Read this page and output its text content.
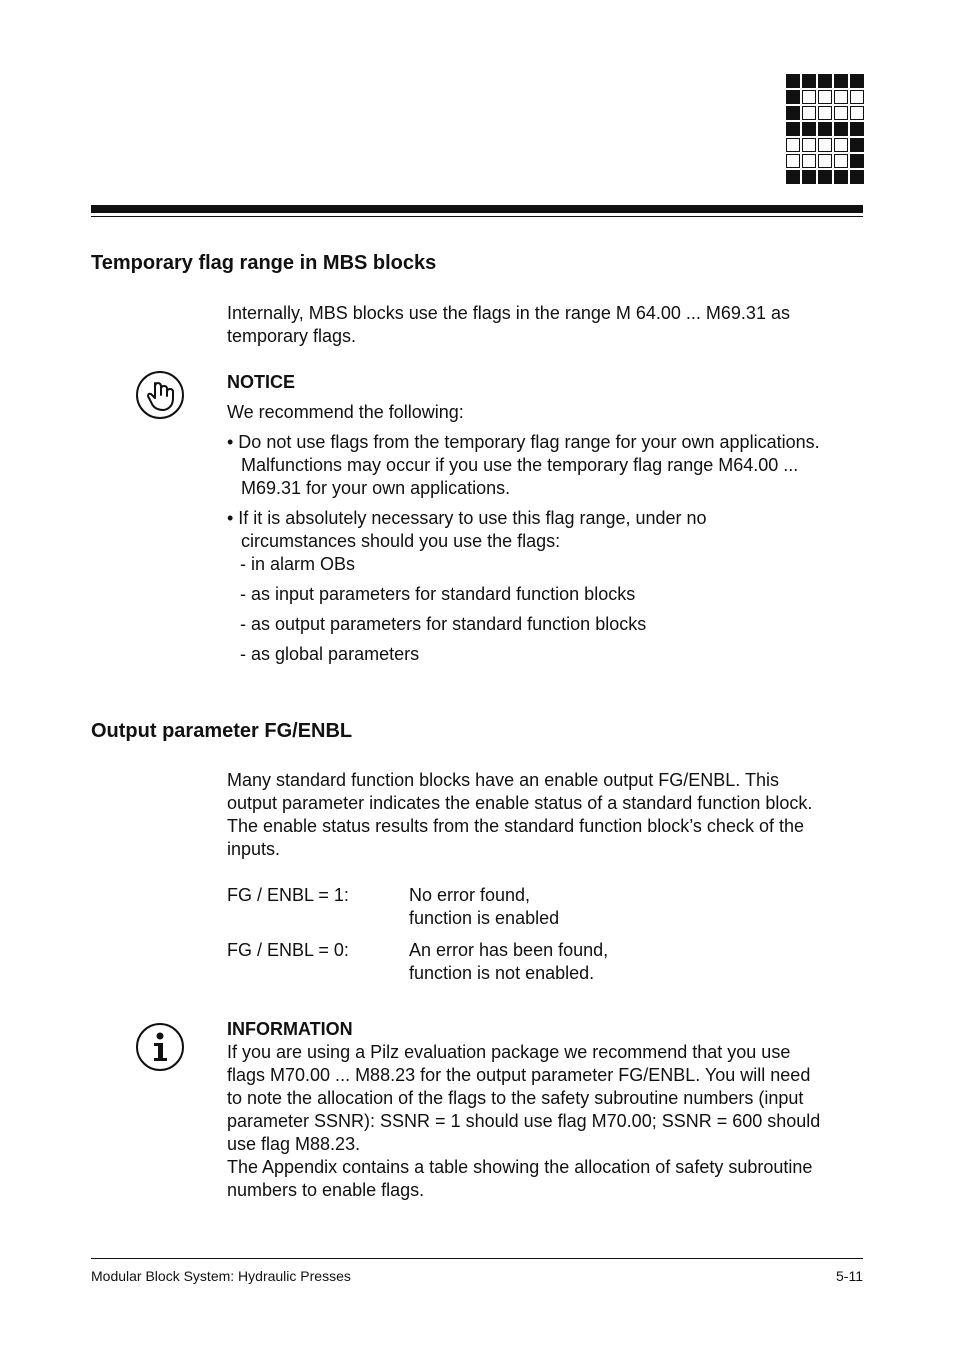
Temporary flag range in MBS blocks

Internally, MBS blocks use the flags in the range M 64.00 ... M69.31 as

temporary flags.

NOTICE

We recommend the following:

• Do not use flags from the temporary flag range for your own applications.
Malfunctions may occur if you use the temporary flag range M64.00 ...
M69.31 for your own applications.
• If it is absolutely necessary to use this flag range, under no
circumstances should you use the flags:
- in alarm OBs
- as input parameters for standard function blocks
- as output parameters for standard function blocks
- as global parameters
Output parameter FG/ENBL

Many standard function blocks have an enable output FG/ENBL. This

output parameter indicates the enable status of a standard function block.

The enable status results from the standard function block’s check of the

inputs.

FG / ENBL = 1:	No error found,
function is enabled
FG / ENBL = 0:	An error has been found,
function is not enabled.

INFORMATION

If you are using a Pilz evaluation package we recommend that you use

flags M70.00 ... M88.23 for the output parameter FG/ENBL. You will need

to note the allocation of the flags to the safety subroutine numbers (input

parameter SSNR): SSNR = 1 should use flag M70.00; SSNR = 600 should

use flag M88.23.

The Appendix contains a table showing the allocation of safety subroutine

numbers to enable flags.

Modular Block System: Hydraulic Presses	5-11
